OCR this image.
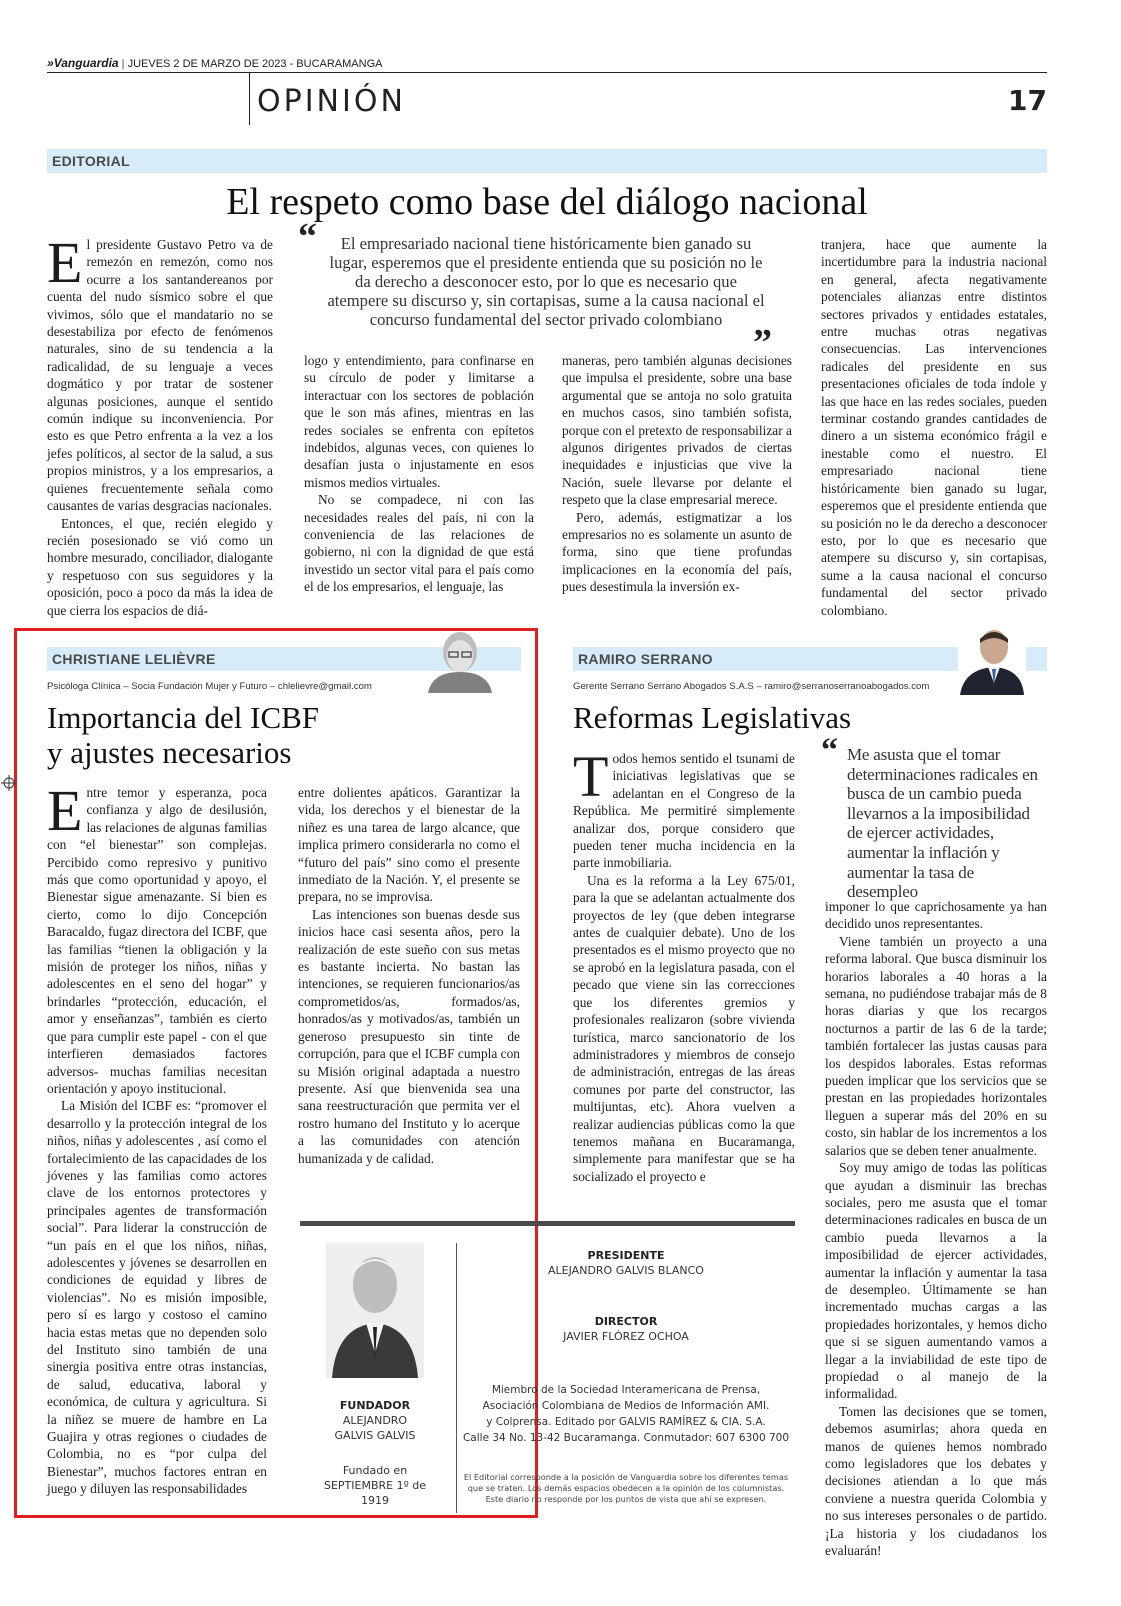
»Vanguardia | JUEVES 2 DE MARZO DE 2023 - BUCARAMANGA
OPINIÓN	17
EDITORIAL
El respeto como base del diálogo nacional
E l presidente Gustavo Petro va de remezón en remezón, como nos ocurre a los santandereanos por cuenta del nudo sísmico sobre el que vivimos, sólo que el mandatario no se desestabiliza por efecto de fenómenos naturales, sino de su tendencia a la radicalidad, de su lenguaje a veces dogmático y por tratar de sostener algunas posiciones, aunque el sentido común indique su inconveniencia. Por esto es que Petro enfrenta a la vez a los jefes políticos, al sector de la salud, a sus propios ministros, y a los empresarios, a quienes frecuentemente señala como causantes de varias desgracias nacionales.

Entonces, el que, recién elegido y recién posesionado se vió como un hombre mesurado, conciliador, dialogante y respetuoso con sus seguidores y la oposición, poco a poco da más la idea de que cierra los espacios de diá-

“	El empresariado nacional tiene históricamente bien ganado su lugar, esperemos que el presidente entienda que su posición no le da derecho a desconocer esto, por lo que es necesario que atempere su discurso y, sin cortapisas, sume a la causa nacional el concurso fundamental del sector privado colombiano
”

logo y entendimiento, para confinarse en su círculo de poder y limitarse a interactuar con los sectores de población que le son más afines, mientras en las redes sociales se enfrenta con epítetos indebidos, algunas veces, con quienes lo desafían justa o injustamente en esos mismos medios virtuales.

No se compadece, ni con las necesidades reales del país, ni con la conveniencia de las relaciones de gobierno, ni con la dignidad de que está investido un sector vital para el país como el de los empresarios, el lenguaje, las

maneras, pero también algunas decisiones que impulsa el presidente, sobre una base argumental que se antoja no solo gratuita en muchos casos, sino también sofista, porque con el pretexto de responsabilizar a algunos dirigentes privados de ciertas inequidades e injusticias que vive la Nación, suele llevarse por delante el respeto que la clase empresarial merece.

Pero, además, estigmatizar a los empresarios no es solamente un asunto de forma, sino que tiene profundas implicaciones en la economía del país, pues desestimula la inversión ex-

tranjera, hace que aumente la incertidumbre para la industria nacional en general, afecta negativamente potenciales alianzas entre distintos sectores privados y entidades estatales, entre muchas otras negativas consecuencias. Las intervenciones radicales del presidente en sus presentaciones oficiales de toda índole y las que hace en las redes sociales, pueden terminar costando grandes cantidades de dinero a un sistema económico frágil e inestable como el nuestro. El empresariado nacional tiene históricamente bien ganado su lugar, esperemos que el presidente entienda que su posición no le da derecho a desconocer esto, por lo que es necesario que atempere su discurso y, sin cortapisas, sume a la causa nacional el concurso fundamental del sector privado colombiano.

CHRISTIANE LELIÈVRE
Psicóloga Clínica – Socia Fundación Mujer y Futuro – chlelievre@gmail.com
Importancia del ICBF
y ajustes necesarios
E ntre temor y esperanza, poca confianza y algo de desilusión, las relaciones de algunas familias con “el bienestar” son complejas. Percibido como represivo y punitivo más que como oportunidad y apoyo, el Bienestar sigue amenazante. Si bien es cierto, como lo dijo Concepción Baracaldo, fugaz directora del ICBF, que las familias “tienen la obligación y la misión de proteger los niños, niñas y adolescentes en el seno del hogar” y brindarles “protección, educación, el amor y enseñanzas”, también es cierto que para cumplir este papel - con el que interfieren demasiados factores adversos- muchas familias necesitan orientación y apoyo institucional.

La Misión del ICBF es: “promover el desarrollo y la protección integral de los niños, niñas y adolescentes , así como el fortalecimiento de las capacidades de los jóvenes y las familias como actores clave de los entornos protectores y principales agentes de transformación social”. Para liderar la construcción de “un país en el que los niños, niñas, adolescentes y jóvenes se desarrollen en condiciones de equidad y libres de violencias”. No es misión imposible, pero sí es largo y costoso el camino hacia estas metas que no dependen solo del Instituto sino también de una sinergia positiva entre otras instancias, de salud, educativa, laboral y económica, de cultura y agricultura. Si la niñez se muere de hambre en La Guajira y otras regiones o ciudades de Colombia, no es “por culpa del Bienestar”, muchos factores entran en juego y diluyen las responsabilidades

entre dolientes apáticos. Garantizar la vida, los derechos y el bienestar de la niñez es una tarea de largo alcance, que implica primero considerarla no como el “futuro del país” sino como el presente inmediato de la Nación. Y, el presente se prepara, no se improvisa.

Las intenciones son buenas desde sus inicios hace casi sesenta años, pero la realización de este sueño con sus metas es bastante incierta. No bastan las intenciones, se requieren funcionarios/as comprometidos/as, formados/as, honrados/as y motivados/as, también un generoso presupuesto sin tinte de corrupción, para que el ICBF cumpla con su Misión original adaptada a nuestro presente. Así que bienvenida sea una sana reestructuración que permita ver el rostro humano del Instituto y lo acerque a las comunidades con atención humanizada y de calidad.

RAMIRO SERRANO
Gerente Serrano Serrano Abogados S.A.S – ramiro@serranoserranoabogados.com
Reformas Legislativas
T odos hemos sentido el tsunami de iniciativas legislativas que se adelantan en el Congreso de la República. Me permitiré simplemente analizar dos, porque considero que pueden tener mucha incidencia en la parte inmobiliaria.

Una es la reforma a la Ley 675/01, para la que se adelantan actualmente dos proyectos de ley (que deben integrarse antes de cualquier debate). Uno de los presentados es el mismo proyecto que no se aprobó en la legislatura pasada, con el pecado que viene sin las correcciones que los diferentes gremios y profesionales realizaron (sobre vivienda turística, marco sancionatorio de los administradores y miembros de consejo de administración, entregas de las áreas comunes por parte del constructor, las multijuntas, etc). Ahora vuelven a realizar audiencias públicas como la que tenemos mañana en Bucaramanga, simplemente para manifestar que se ha socializado el proyecto e

“ Me asusta que el tomar determinaciones radicales en busca de un cambio pueda llevarnos a la imposibilidad de ejercer actividades, aumentar la inflación y aumentar la tasa de desempleo

imponer lo que caprichosamente ya han decidido unos representantes.

Viene también un proyecto a una reforma laboral. Que busca disminuir los horarios laborales a 40 horas a la semana, no pudiéndose trabajar más de 8 horas diarias y que los recargos nocturnos a partir de las 6 de la tarde; también fortalecer las justas causas para los despidos laborales. Estas reformas pueden implicar que los servicios que se prestan en las propiedades horizontales lleguen a superar más del 20% en su costo, sin hablar de los incrementos a los salarios que se deben tener anualmente.

Soy muy amigo de todas las políticas que ayudan a disminuir las brechas sociales, pero me asusta que el tomar determinaciones radicales en busca de un cambio pueda llevarnos a la imposibilidad de ejercer actividades, aumentar la inflación y aumentar la tasa de desempleo. Últimamente se han incrementado muchas cargas a las propiedades horizontales, y hemos dicho que si se siguen aumentando vamos a llegar a la inviabilidad de este tipo de propiedad o al manejo de la informalidad.

Tomen las decisiones que se tomen, debemos asumirlas; ahora queda en manos de quienes hemos nombrado como legisladores que los debates y decisiones atiendan a lo que más conviene a nuestra querida Colombia y no sus intereses personales o de partido. ¡La historia y los ciudadanos los evaluarán!

FUNDADOR
ALEJANDRO
GALVIS GALVIS
Fundado en
SEPTIEMBRE 1º de 1919
PRESIDENTE
ALEJANDRO GALVIS BLANCO
DIRECTOR
JAVIER FLÓREZ OCHOA
Miembro de la Sociedad Interamericana de Prensa,
Asociación Colombiana de Medios de Información AMI.
y Colprensa. Editado por GALVIS RAMÍREZ & CIA. S.A.
Calle 34 No. 13-42 Bucaramanga. Conmutador: 607 6300 700
El Editorial corresponde a la posición de Vanguardia sobre los diferentes temas
que se traten. Los demás espacios obedecen a la opinión de los columnistas.
Este diario no responde por los puntos de vista que ahí se expresen.
